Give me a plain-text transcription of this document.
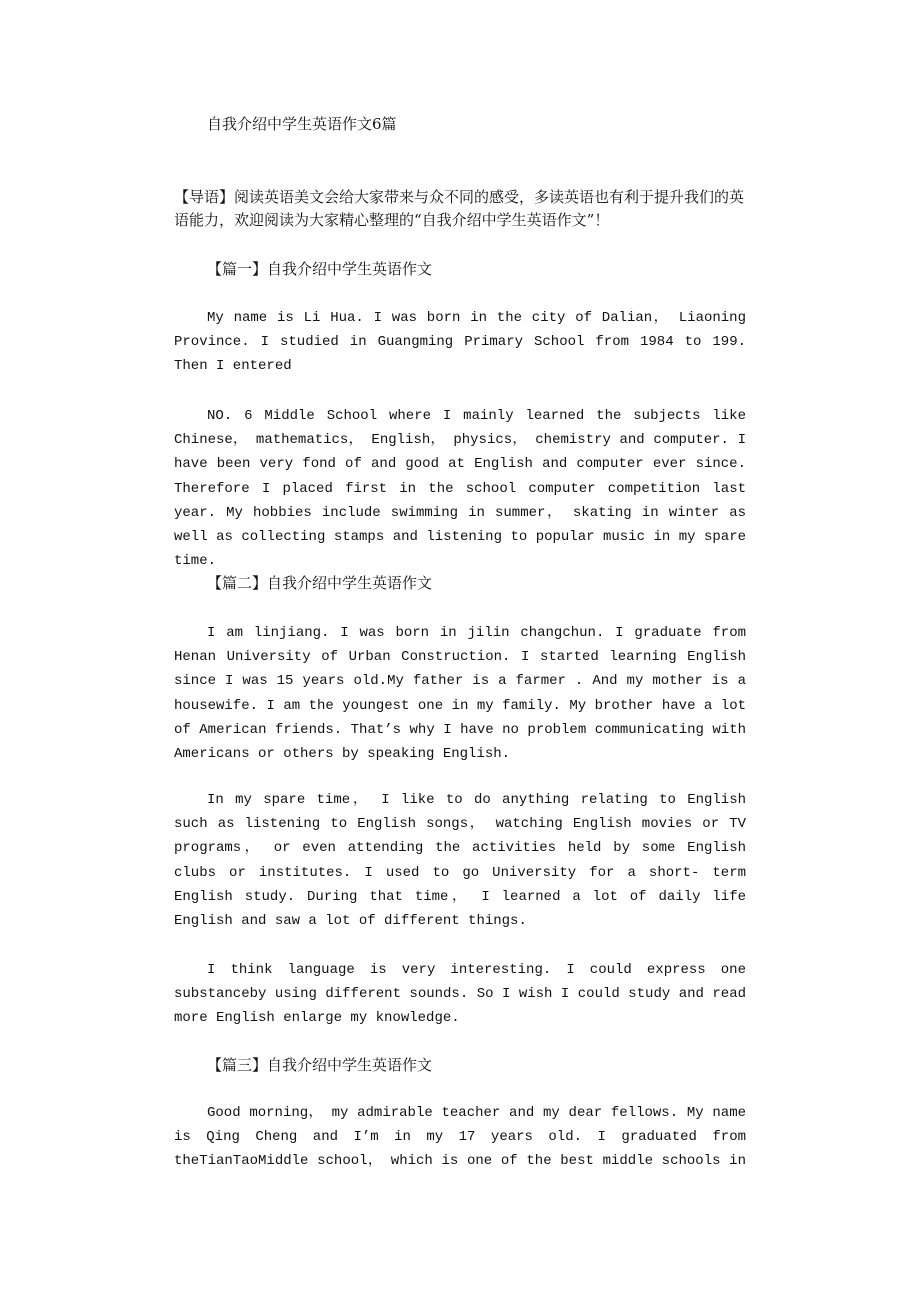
自我介绍中学生英语作文6篇
【导语】阅读英语美文会给大家带来与众不同的感受，多读英语也有利于提升我们的英语能力，欢迎阅读为大家精心整理的“自我介绍中学生英语作文”！
【篇一】自我介绍中学生英语作文
My name is Li Hua. I was born in the city of Dalian， Liaoning Province. I studied in Guangming Primary School from 1984 to 199. Then I entered
NO. 6 Middle School where I mainly learned the subjects like Chinese， mathematics， English， physics， chemistry and computer. I have been very fond of and good at English and computer ever since. Therefore I placed first in the school computer competition last year. My hobbies include swimming in summer， skating in winter as well as collecting stamps and listening to popular music in my spare time.
【篇二】自我介绍中学生英语作文
I am linjiang. I was born in jilin changchun. I graduate from Henan University of Urban Construction. I started learning English since I was 15 years old.My father is a farmer . And my mother is a housewife. I am the youngest one in my family. My brother have a lot of American friends. That’s why I have no problem communicating with Americans or others by speaking English.
In my spare time， I like to do anything relating to English such as listening to English songs， watching English movies or TV programs， or even attending the activities held by some English clubs or institutes. I used to go University for a short- term English study. During that time， I learned a lot of daily life English and saw a lot of different things.
I think language is very interesting. I could express one substanceby using different sounds. So I wish I could study and read more English enlarge my knowledge.
【篇三】自我介绍中学生英语作文
Good morning， my admirable teacher and my dear fellows. My name is Qing Cheng and I’m in my 17 years old. I graduated from theTianTaoMiddle school， which is one of the best middle schools in
